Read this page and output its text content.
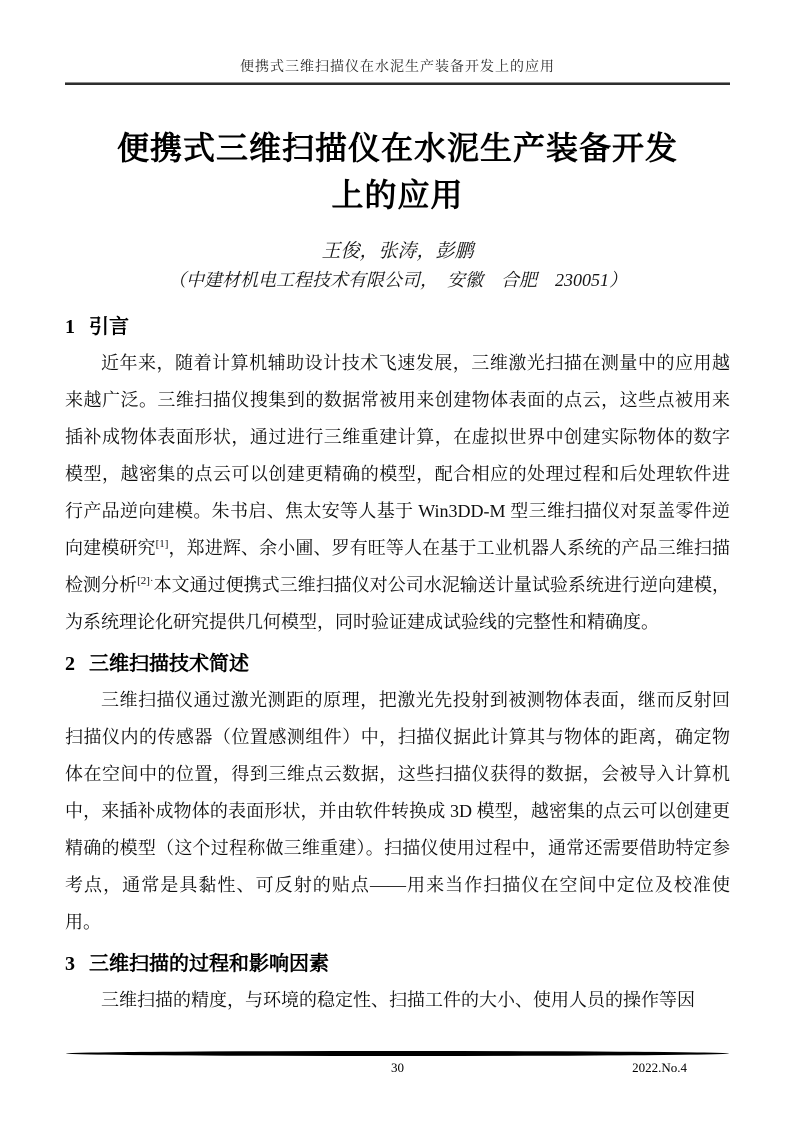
便携式三维扫描仪在水泥生产装备开发上的应用
便携式三维扫描仪在水泥生产装备开发
上的应用

王俊，张涛，彭鹏

（中建材机电工程技术有限公司，　安徽　合肥　230051）

1 引言

近年来，随着计算机辅助设计技术飞速发展，三维激光扫描在测量中的应用越来越广泛。三维扫描仪搜集到的数据常被用来创建物体表面的点云，这些点被用来插补成物体表面形状，通过进行三维重建计算，在虚拟世界中创建实际物体的数字模型，越密集的点云可以创建更精确的模型，配合相应的处理过程和后处理软件进行产品逆向建模。朱书启、焦太安等人基于 Win3DD-M 型三维扫描仪对泵盖零件逆向建模研究[1]，郑进辉、余小圃、罗有旺等人在基于工业机器人系统的产品三维扫描检测分析$^{[2]\cdot}$本文通过便携式三维扫描仪对公司水泥输送计量试验系统进行逆向建模，为系统理论化研究提供几何模型，同时验证建成试验线的完整性和精确度。

2 三维扫描技术简述

三维扫描仪通过激光测距的原理，把激光先投射到被测物体表面，继而反射回扫描仪内的传感器（位置感测组件）中，扫描仪据此计算其与物体的距离，确定物体在空间中的位置，得到三维点云数据，这些扫描仪获得的数据，会被导入计算机中，来插补成物体的表面形状，并由软件转换成 3D 模型，越密集的点云可以创建更精确的模型（这个过程称做三维重建）。扫描仪使用过程中，通常还需要借助特定参考点，通常是具黏性、可反射的贴点——用来当作扫描仪在空间中定位及校准使用。

3 三维扫描的过程和影响因素

三维扫描的精度，与环境的稳定性、扫描工件的大小、使用人员的操作等因

30	2022.No.4
